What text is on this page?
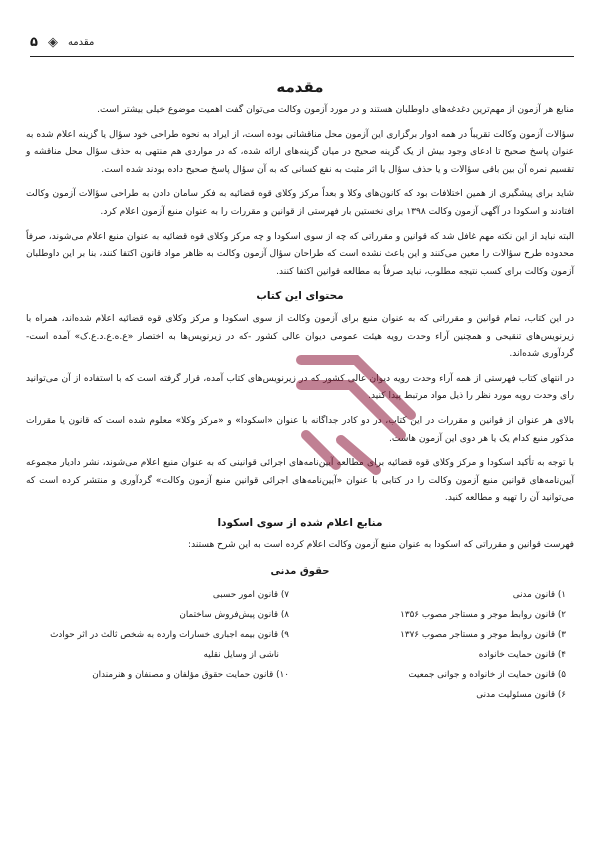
۵ ◈ مقدمه
مقدمه

منابع هر آزمون از مهم‌ترین دغدغه‌های داوطلبان هستند و در مورد آزمون وکالت می‌توان گفت اهمیت موضوع خیلی بیشتر است.

سؤالات آزمون وکالت تقریباً در همه ادوار برگزاری این آزمون محل مناقشاتی بوده است، از ایراد به نحوه طراحی خود سؤال یا گزینه اعلام شده به عنوان پاسخ صحیح تا ادعای وجود بیش از یک گزینه صحیح در میان گزینه‌های ارائه شده، که در مواردی هم منتهی به حذف سؤال محل مناقشه و تقسیم نمره آن بین باقی سؤالات و یا حذف سؤال با اثر مثبت به نفع کسانی که به آن سؤال پاسخ صحیح داده بودند شده است.

شاید برای پیشگیری از همین اختلافات بود که کانون‌های وکلا و بعداً مرکز وکلای قوه قضائیه به فکر سامان دادن به طراحی سؤالات آزمون وکالت افتادند و اسکودا در آگهی آزمون وکالت ۱۳۹۸ برای نخستین بار فهرستی از قوانین و مقررات را به عنوان منبع آزمون اعلام کرد.

البته نباید از این نکته مهم غافل شد که قوانین و مقرراتی که چه از سوی اسکودا و چه مرکز وکلای قوه قضائیه به عنوان منبع اعلام می‌شوند، صرفاً محدوده طرح سؤالات را معین می‌کنند و این باعث نشده است که طراحان سؤال آزمون وکالت به ظاهر مواد قانون اکتفا کنند، بنا بر این داوطلبان آزمون وکالت برای کسب نتیجه مطلوب، نباید صرفاً به مطالعه قوانین اکتفا کنند.

محتوای این کتاب

در این کتاب، تمام قوانین و مقرراتی که به عنوان منبع برای آزمون وکالت از سوی اسکودا و مرکز وکلای قوه قضائیه اعلام شده‌اند، همراه با زیرنویس‌های تنقیحی و همچنین آراء وحدت رویه هیئت عمومی دیوان عالی کشور -که در زیرنویس‌ها به اختصار «ع.ه.ع.د.ع.ک» آمده است- گردآوری شده‌اند.

در انتهای کتاب فهرستی از همه آراء وحدت رویه دیوان عالی کشور که در زیرنویس‌های کتاب آمده، قرار گرفته است که با استفاده از آن می‌توانید رای وحدت رویه مورد نظر را ذیل مواد مرتبط پیدا کنید.

بالای هر عنوان از قوانین و مقررات در این کتاب، در دو کادر جداگانه با عنوان «اسکودا» و «مرکز وکلا» معلوم شده است که قانون یا مقررات مذکور منبع کدام یک یا هر دوی این آزمون هاست.

با توجه به تأکید اسکودا و مرکز وکلای قوه قضائیه برای مطالعه آیین‌نامه‌های اجرائی قوانینی که به عنوان منبع اعلام می‌شوند، نشر دادیار مجموعه آیین‌نامه‌های قوانین منبع آزمون وکالت را در کتابی با عنوان «آیین‌نامه‌های اجرائی قوانین منبع آزمون وکالت» گردآوری و منتشر کرده است که می‌توانید آن را تهیه و مطالعه کنید.

منابع اعلام شده از سوی اسکودا

فهرست قوانین و مقرراتی که اسکودا به عنوان منبع آزمون وکالت اعلام کرده است به این شرح هستند:

حقوق مدنی
۱) قانون مدنی
۲) قانون روابط موجر و مستاجر مصوب ۱۳۵۶
۳) قانون روابط موجر و مستاجر مصوب ۱۳۷۶
۴) قانون حمایت خانواده
۵) قانون حمایت از خانواده و جوانی جمعیت
۶) قانون مسئولیت مدنی
۷) قانون امور حسبی
۸) قانون پیش‌فروش ساختمان
۹) قانون بیمه اجباری خسارات وارده به شخص ثالث در اثر حوادث
ناشی از وسایل نقلیه
۱۰) قانون حمایت حقوق مؤلفان و مصنفان و هنرمندان
